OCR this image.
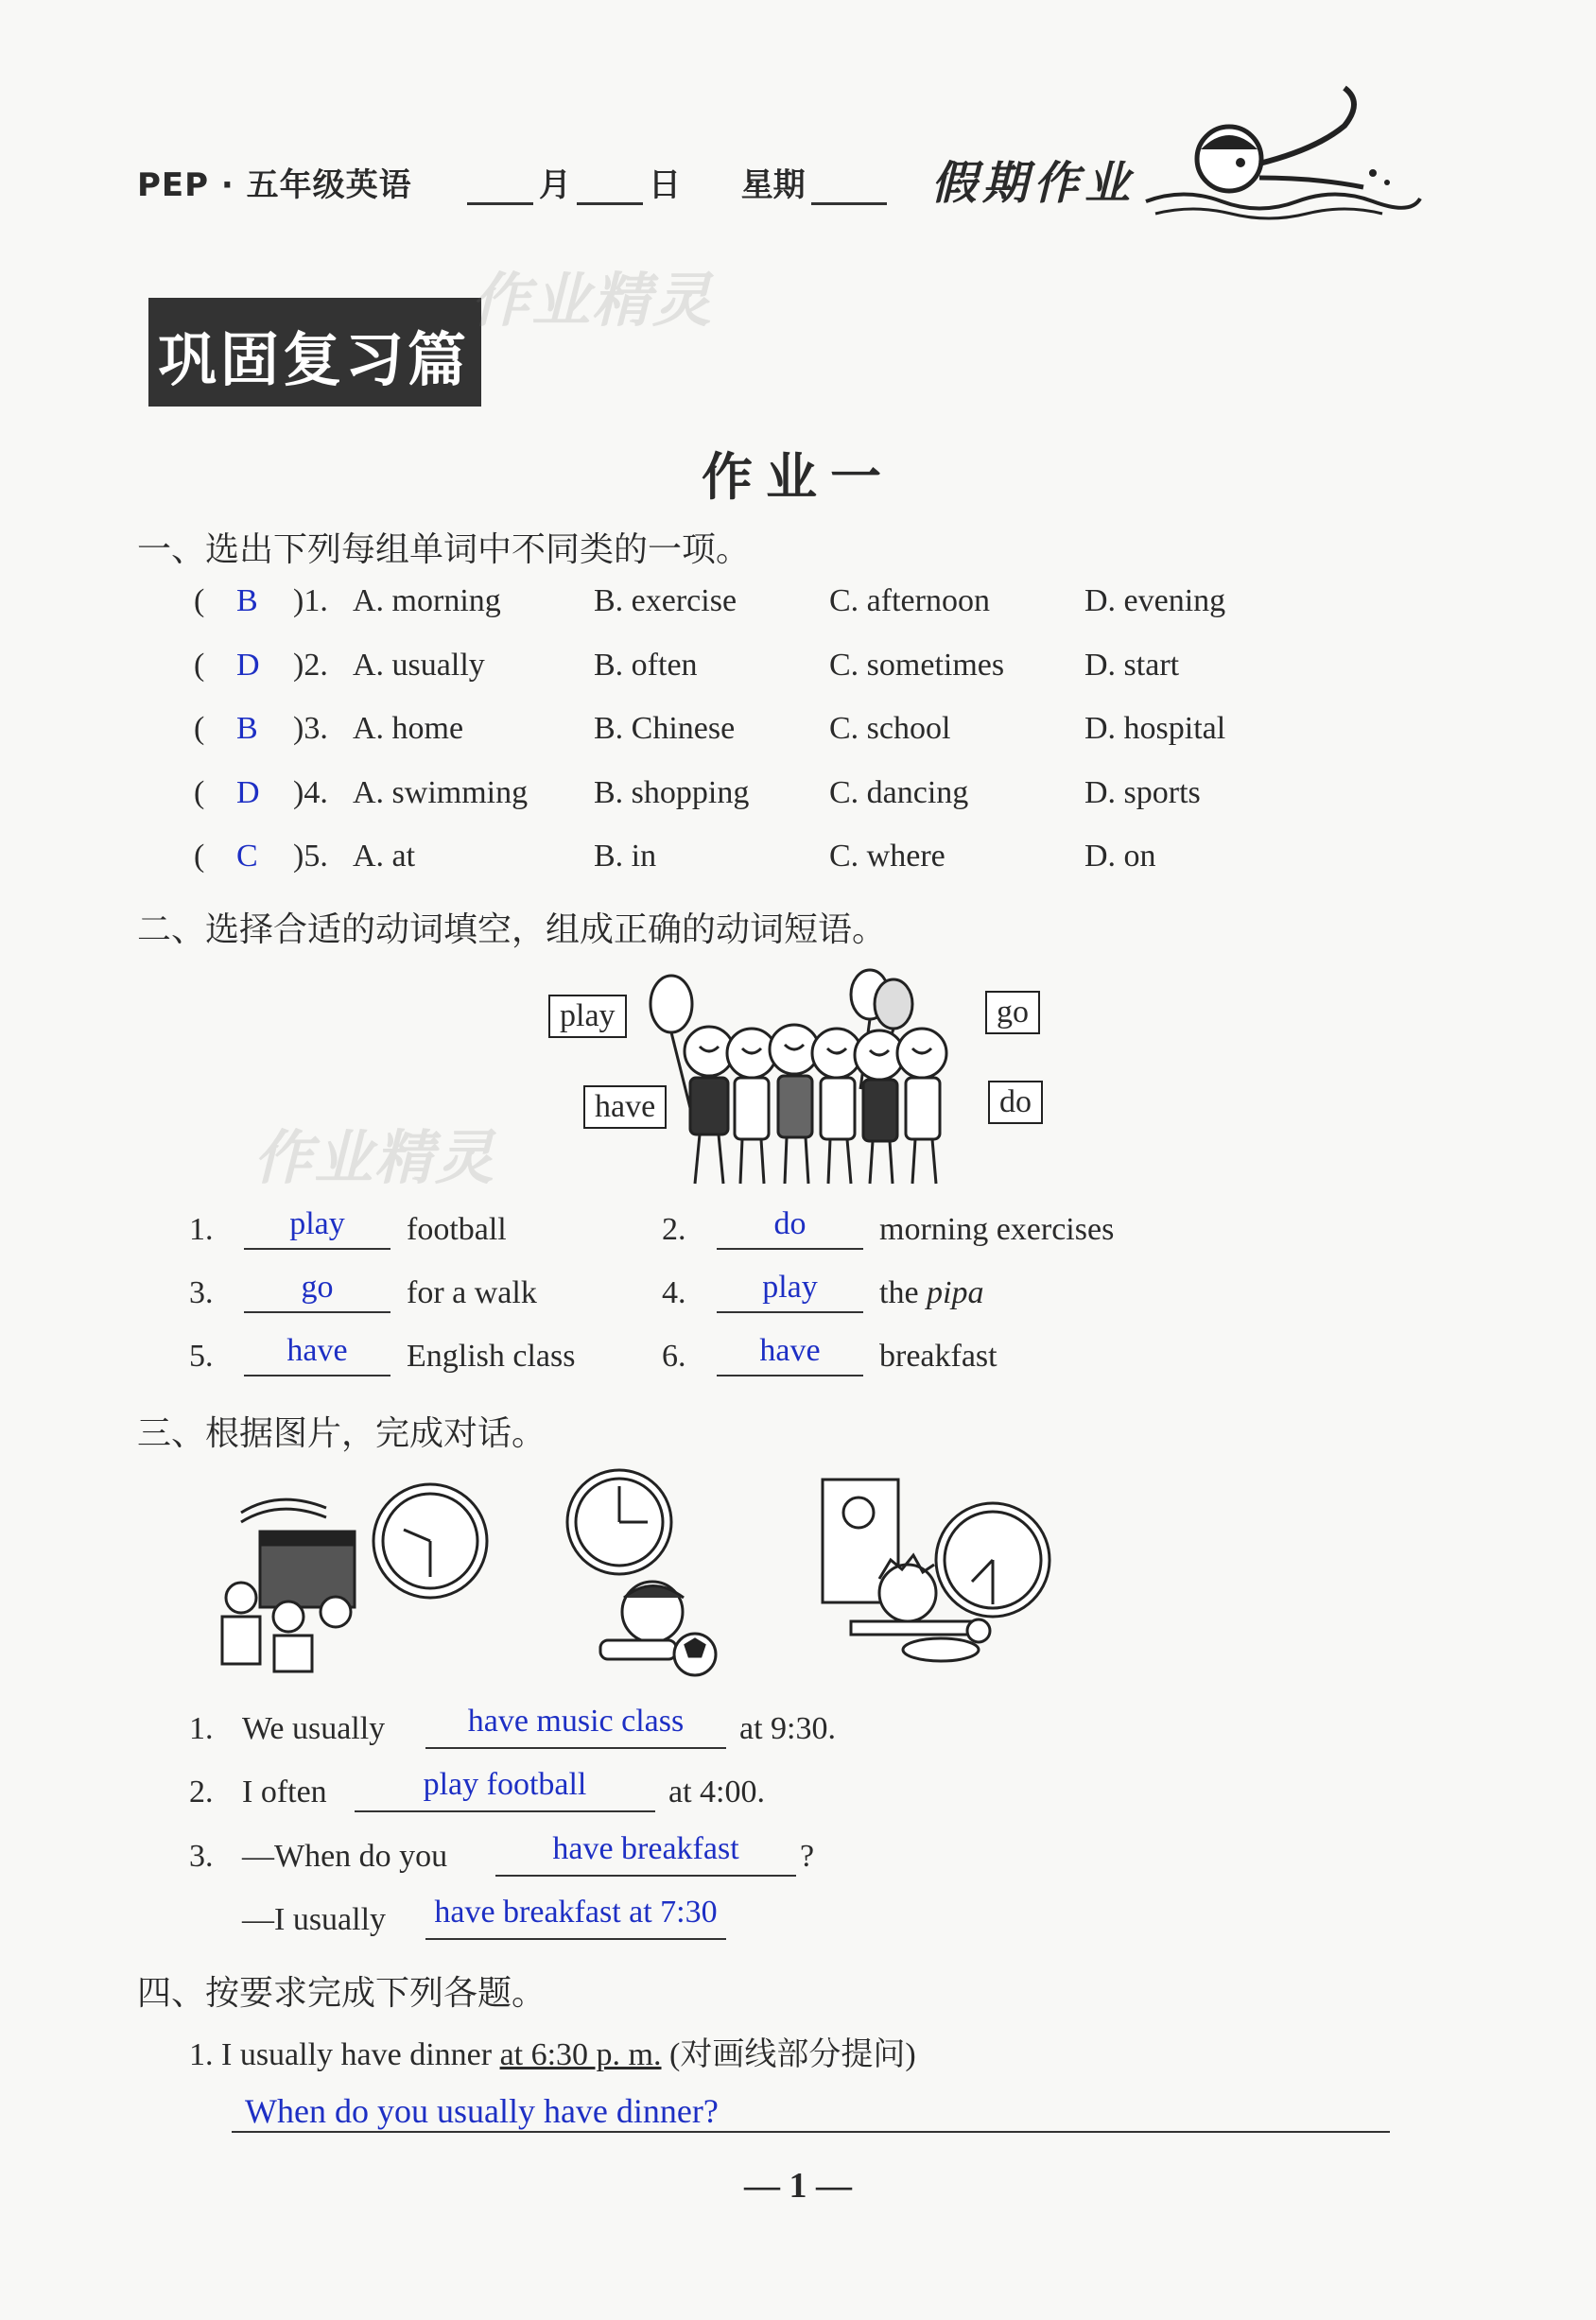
PEP · 五年级英语	月 日 星期	假期作业
巩固复习篇
作业精灵
作业一
一、选出下列每组单词中不同类的一项。
( B )1. A. morning	B. exercise	C. afternoon	D. evening
( D )2. A. usually	B. often	C. sometimes D. start
( B )3. A. home	B. Chinese	C. school	D. hospital
( D )4. A. swimming B. shopping C. dancing	D. sports
( C )5. A. at	B. in	C. where	D. on
二、选择合适的动词填空，组成正确的动词短语。
play	go
have	do
作业精灵
1.	play	football	2.	do	morning exercises
3.	go	for a walk	4.	play	the pipa
5.	have	English class	6.	have	breakfast
三、根据图片，完成对话。
1. We usually	have music class	at 9:30.
2. I often	play football	at 4:00.
3. —When do you	have breakfast	?
—I usually have breakfast at 7:30
四、按要求完成下列各题。
1. I usually have dinner at 6:30 p. m. (对画线部分提问)
When do you usually have dinner?
— 1 —
